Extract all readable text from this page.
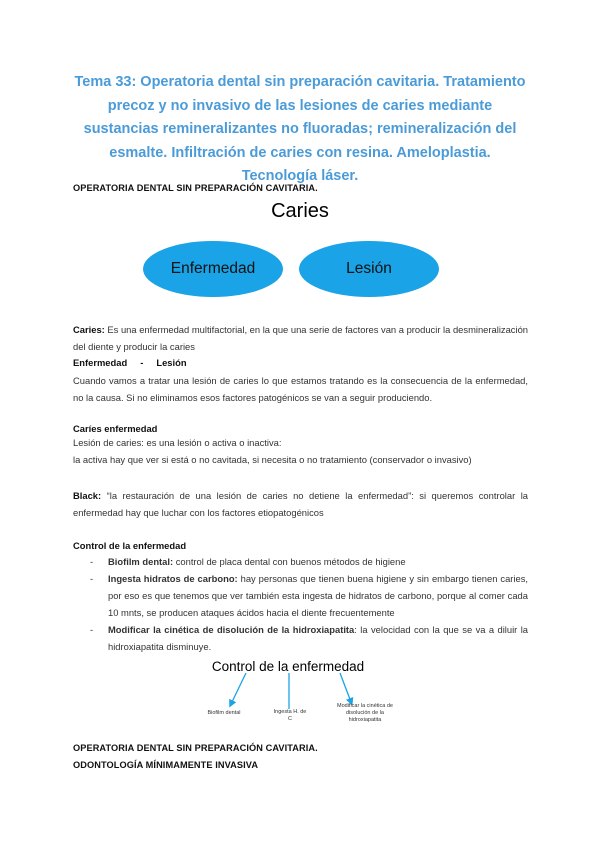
Tema 33: Operatoria dental sin preparación cavitaria. Tratamiento precoz y no invasivo de las lesiones de caries mediante sustancias remineralizantes no fluoradas; remineralización del esmalte. Infiltración de caries con resina. Ameloplastia. Tecnología láser.
OPERATORIA DENTAL SIN PREPARACIÓN CAVITARIA.
Caries
Enfermedad	Lesión
Caries: Es una enfermedad multifactorial, en la que una serie de factores van a producir la desmineralización del diente y producir la caries
Enfermedad     -     Lesión
Cuando vamos a tratar una lesión de caries lo que estamos tratando es la consecuencia de la enfermedad, no la causa. Si no eliminamos esos factores patogénicos se van a seguir produciendo.
Caríes enfermedad
Lesión de caries: es una lesión o activa o inactiva:
la activa hay que ver si está o no cavitada, si necesita o no tratamiento (conservador o invasivo)
Black: “la restauración de una lesión de caries no detiene la enfermedad”: si queremos controlar la enfermedad hay que luchar con los factores etiopatogénicos
Control de la enfermedad
- Biofilm dental: control de placa dental con buenos métodos de higiene
- Ingesta hidratos de carbono: hay personas que tienen buena higiene y sin embargo tienen caries, por eso es que tenemos que ver también esta ingesta de hidratos de carbono, porque al comer cada 10 mnts, se producen ataques ácidos hacia el diente frecuentemente
- Modificar la cinética de disolución de la hidroxiapatita: la velocidad con la que se va a diluir la hidroxiapatita disminuye.
Control de la enfermedad
Biofilm dental	Ingesta H. de C
Modificar la cinética de disolución de la hidroxiapatita
OPERATORIA DENTAL SIN PREPARACIÓN CAVITARIA.
ODONTOLOGÍA MÍNIMAMENTE INVASIVA
